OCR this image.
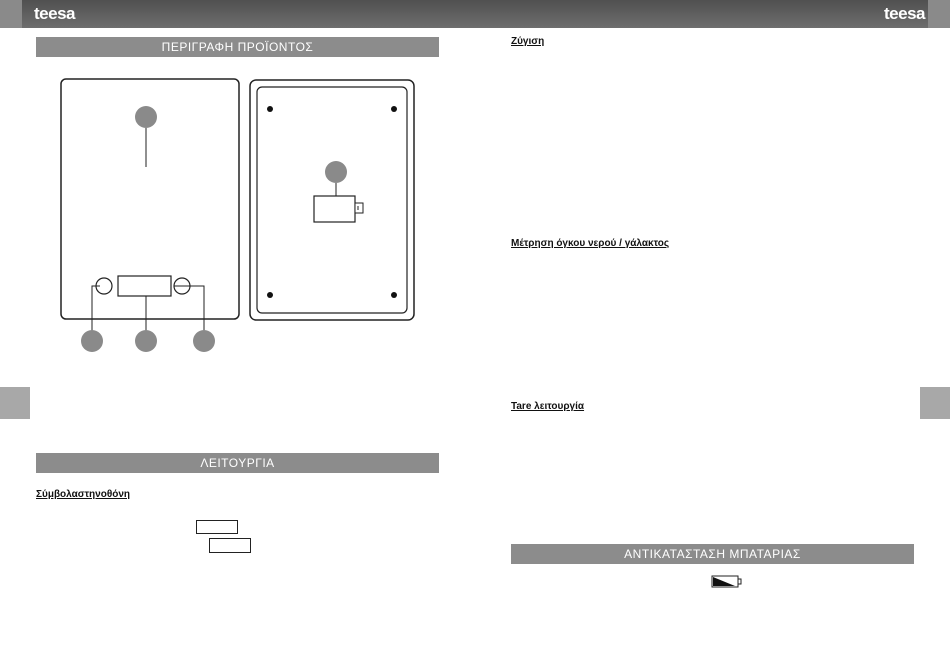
teesa	teesa
ΠΕΡΙΓΡΑΦΗ ΠΡΟΪΟΝΤΟΣ
ΛΕΙΤΟΥΡΓΙΑ
Σύμβολαστηνοθόνη
Ζύγιση
Μέτρηση όγκου νερού / γάλακτος
Tare λειτουργία
ΑΝΤΙΚΑΤΑΣΤΑΣΗ ΜΠΑΤΑΡΙΑΣ
